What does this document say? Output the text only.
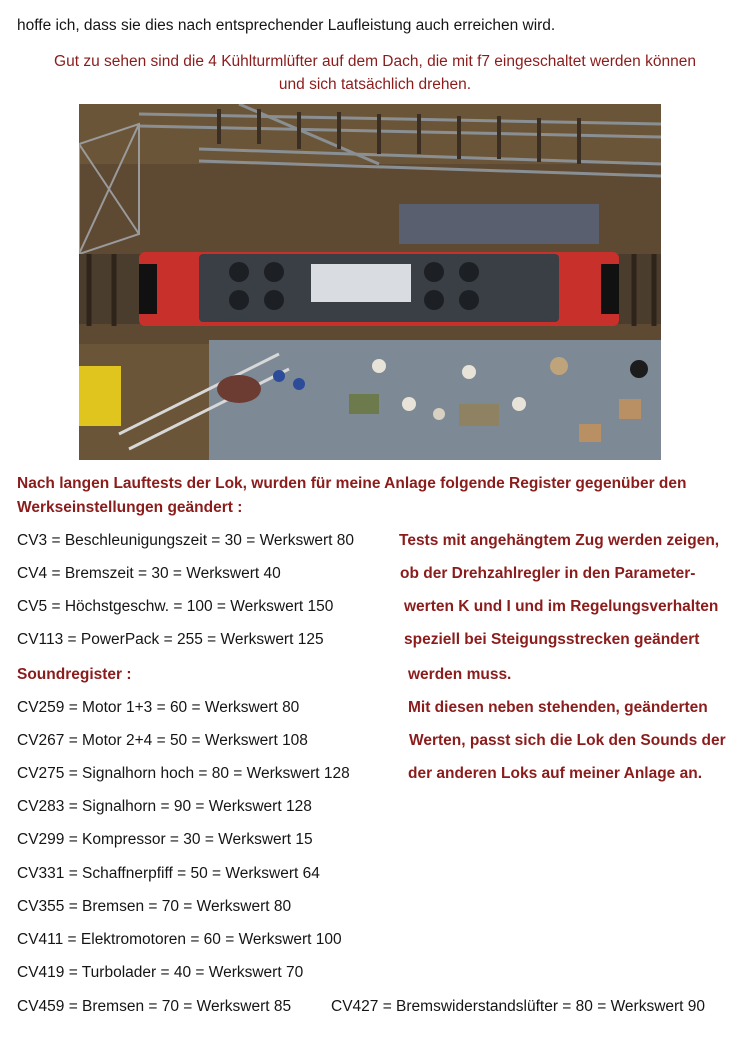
hoffe ich, dass sie dies nach entsprechender Laufleistung auch erreichen wird.
Gut zu sehen sind die 4 Kühlturmlüfter auf dem Dach, die mit f7 eingeschaltet werden können
und sich tatsächlich drehen.
Nach langen Lauftests der Lok, wurden für meine Anlage folgende Register gegenüber den
Werkseinstellungen geändert :
CV3 = Beschleunigungszeit = 30 = Werkswert 80
CV4 = Bremszeit = 30 = Werkswert 40
CV5 = Höchstgeschw. = 100 = Werkswert 150
CV113 = PowerPack = 255 = Werkswert 125
Soundregister :
CV259 = Motor 1+3 = 60 = Werkswert 80
CV267 = Motor 2+4 = 50 = Werkswert 108
CV275 = Signalhorn hoch = 80 = Werkswert 128
CV283 = Signalhorn = 90 = Werkswert 128
CV299 = Kompressor = 30 = Werkswert 15
CV331 = Schaffnerpfiff = 50 = Werkswert 64
CV355 = Bremsen = 70 = Werkswert 80
CV411 = Elektromotoren = 60 = Werkswert 100
CV419 = Turbolader = 40 = Werkswert 70
CV459 = Bremsen = 70 = Werkswert 85	CV427 = Bremswiderstandslüfter = 80 = Werkswert 90
Tests mit angehängtem Zug werden zeigen,
ob der Drehzahlregler in den Parameter-
werten K und I und im Regelungsverhalten
speziell bei Steigungsstrecken geändert
werden muss.
Mit diesen neben stehenden, geänderten
Werten, passt sich die Lok den Sounds der
der anderen Loks auf meiner Anlage an.
